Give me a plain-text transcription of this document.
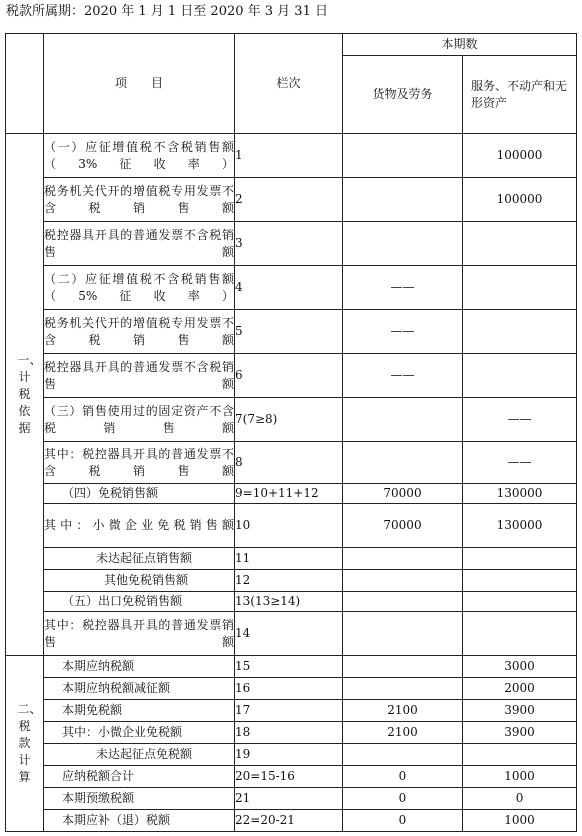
税款所属期：2020 年 1 月 1 日至 2020 年 3 月 31 日
	项　　目	栏次	本期数	
			货物及劳务	服务、不动产和无形资产
一、计税依据	（一）应征增值税不含税销售额（3%征收率）	1		100000
	税务机关代开的增值税专用发票不含税销售额	2		100000
	税控器具开具的普通发票不含税销售额	3		
	（二）应征增值税不含税销售额（5%征收率）	4	——	
	税务机关代开的增值税专用发票不含税销售额	5	——	
	税控器具开具的普通发票不含税销售额	6	——	
	（三）销售使用过的固定资产不含税销售额	7(7≥8)		——
	其中：税控器具开具的普通发票不含税销售额	8		——
	（四）免税销售额	9=10+11+12	70000	130000
	其中：小微企业免税销售额	10	70000	130000
	未达起征点销售额	11		
	其他免税销售额	12		
	（五）出口免税销售额	13(13≥14)		
	其中：税控器具开具的普通发票销售额	14		
二、税款计算	本期应纳税额	15		3000
	本期应纳税额减征额	16		2000
	本期免税额	17	2100	3900
	其中：小微企业免税额	18	2100	3900
	未达起征点免税额	19		
	应纳税额合计	20=15-16	0	1000
	本期预缴税额	21	0	0
	本期应补（退）税额	22=20-21	0	1000
